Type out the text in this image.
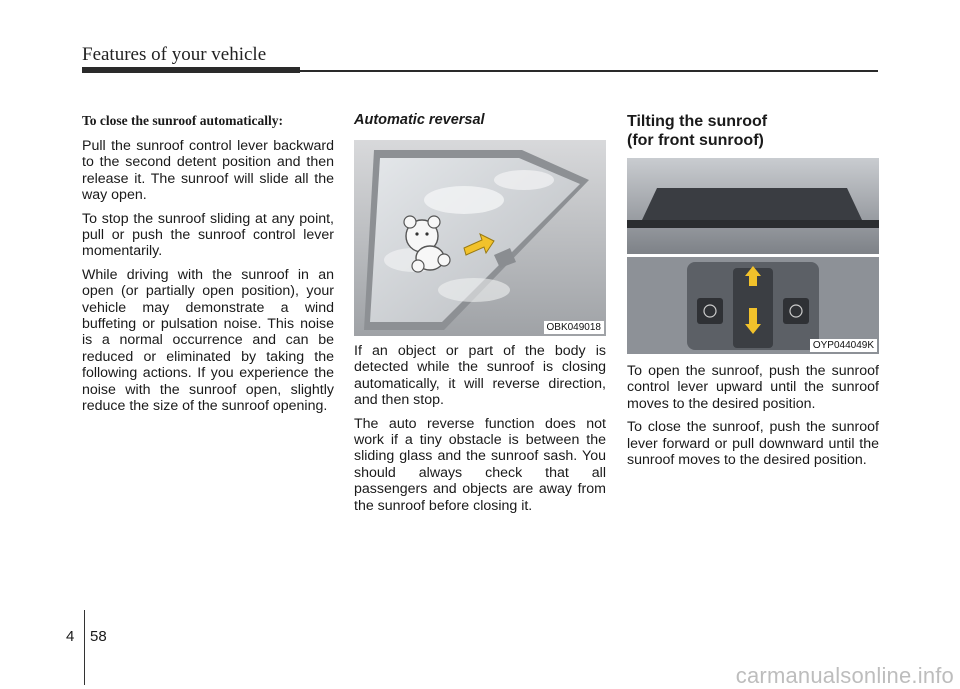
Features of your vehicle
To close the sunroof automatically:

Pull the sunroof control lever backward to the second detent position and then release it. The sunroof will slide all the way open.

To stop the sunroof sliding at any point, pull or push the sunroof control lever momentarily.

While driving with the sunroof in an open (or partially open position), your vehicle may demonstrate a wind buffeting or pulsation noise. This noise is a normal occurrence and can be reduced or eliminated by taking the following actions. If you experience the noise with the sunroof open, slightly reduce the size of the sunroof opening.

Automatic reversal
OBK049018

If an object or part of the body is detected while the sunroof is closing automatically, it will reverse direction, and then stop.

The auto reverse function does not work if a tiny obstacle is between the sliding glass and the sunroof sash. You should always check that all passengers and objects are away from the sunroof before closing it.

Tilting the sunroof
(for front sunroof)
OYP044049K

To open the sunroof, push the sunroof control lever upward until the sunroof moves to the desired position.

To close the sunroof, push the sunroof lever forward or pull downward until the sunroof moves to the desired position.

4 58
carmanualsonline.info
